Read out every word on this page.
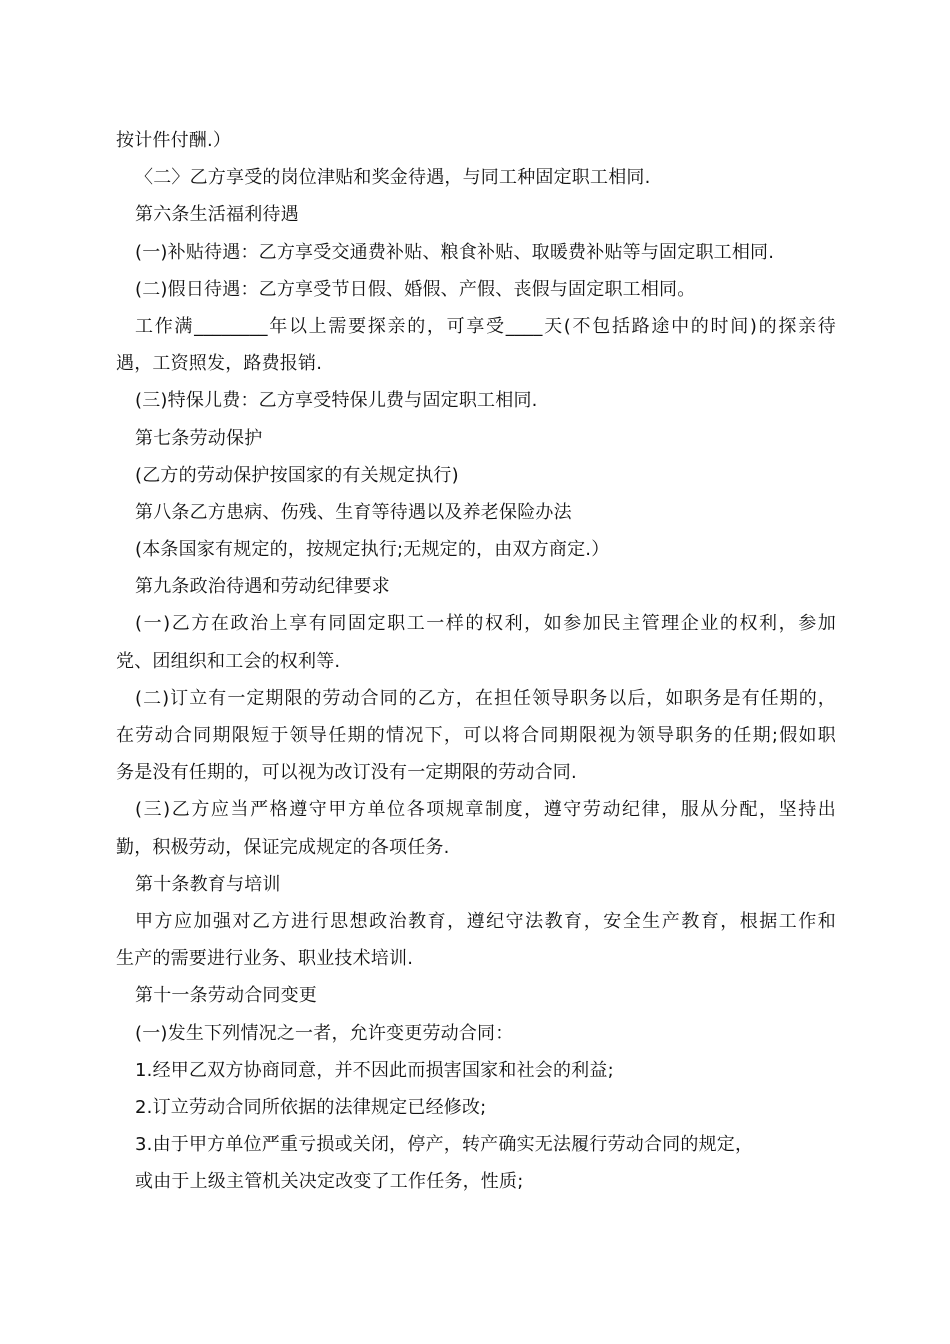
按计件付酬.）
〈二〉乙方享受的岗位津贴和奖金待遇，与同工种固定职工相同.
第六条生活福利待遇
(一)补贴待遇：乙方享受交通费补贴、粮食补贴、取暖费补贴等与固定职工相同.
(二)假日待遇：乙方享受节日假、婚假、产假、丧假与固定职工相同。
工作满________年以上需要探亲的，可享受____天(不包括路途中的时间)的探亲待
遇，工资照发，路费报销.
(三)特保儿费：乙方享受特保儿费与固定职工相同.
第七条劳动保护
(乙方的劳动保护按国家的有关规定执行)
第八条乙方患病、伤残、生育等待遇以及养老保险办法
(本条国家有规定的，按规定执行;无规定的，由双方商定.）
第九条政治待遇和劳动纪律要求
(一)乙方在政治上享有同固定职工一样的权利，如参加民主管理企业的权利，参加
党、团组织和工会的权利等.
(二)订立有一定期限的劳动合同的乙方，在担任领导职务以后，如职务是有任期的，
在劳动合同期限短于领导任期的情况下，可以将合同期限视为领导职务的任期;假如职
务是没有任期的，可以视为改订没有一定期限的劳动合同.
(三)乙方应当严格遵守甲方单位各项规章制度，遵守劳动纪律，服从分配，坚持出
勤，积极劳动，保证完成规定的各项任务.
第十条教育与培训
甲方应加强对乙方进行思想政治教育，遵纪守法教育，安全生产教育，根据工作和
生产的需要进行业务、职业技术培训.
第十一条劳动合同变更
(一)发生下列情况之一者，允许变更劳动合同：
1.经甲乙双方协商同意，并不因此而损害国家和社会的利益;
2.订立劳动合同所依据的法律规定已经修改;
3.由于甲方单位严重亏损或关闭，停产，转产确实无法履行劳动合同的规定，
或由于上级主管机关决定改变了工作任务，性质;
